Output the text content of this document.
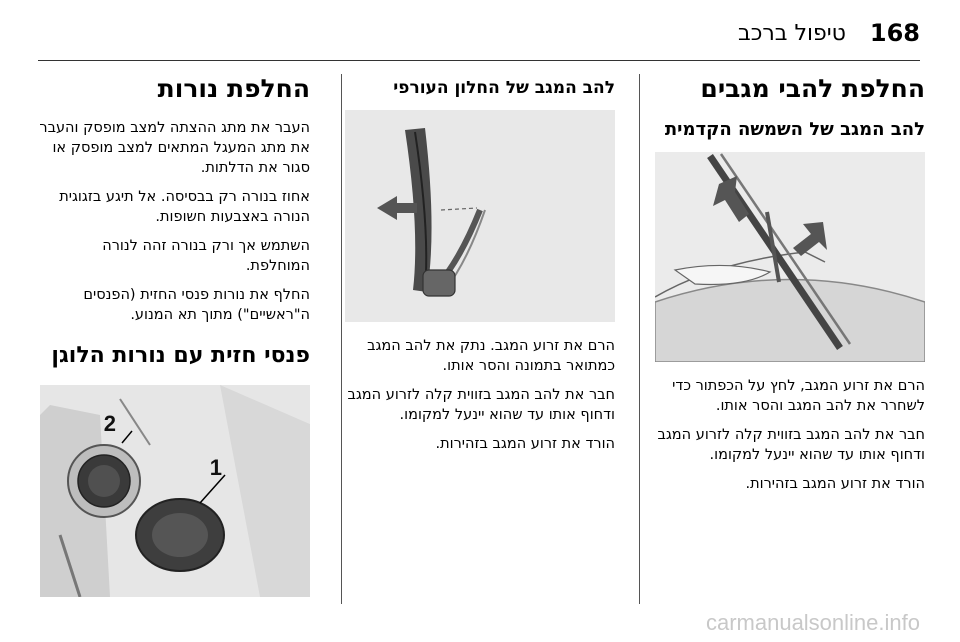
168
טיפול ברכב
החלפת להבי מגבים
להב המגב של השמשה הקדמית

הרם את זרוע המגב, לחץ על הכפתור כדי לשחרר את להב המגב והסר אותו.

חבר את להב המגב בזווית קלה לזרוע המגב ודחוף אותו עד שהוא יינעל למקומו.

הורד את זרוע המגב בזהירות.

להב המגב של החלון העורפי

הרם את זרוע המגב. נתק את להב המגב כמתואר בתמונה והסר אותו.

חבר את להב המגב בזווית קלה לזרוע המגב ודחוף אותו עד שהוא יינעל למקומו.

הורד את זרוע המגב בזהירות.

החלפת נורות

העבר את מתג ההצתה למצב מופסק והעבר את מתג המעגל המתאים למצב מופסק או סגור את הדלתות.

אחוז בנורה רק בבסיסה. אל תיגע בזגוגית הנורה באצבעות חשופות.

השתמש אך ורק בנורה זהה לנורה המוחלפת.

החלף את נורות פנסי החזית (הפנסים ה"ראשיים") מתוך תא המנוע.

פנסי חזית עם נורות הלוגן
2
1
carmanualsonline.info
